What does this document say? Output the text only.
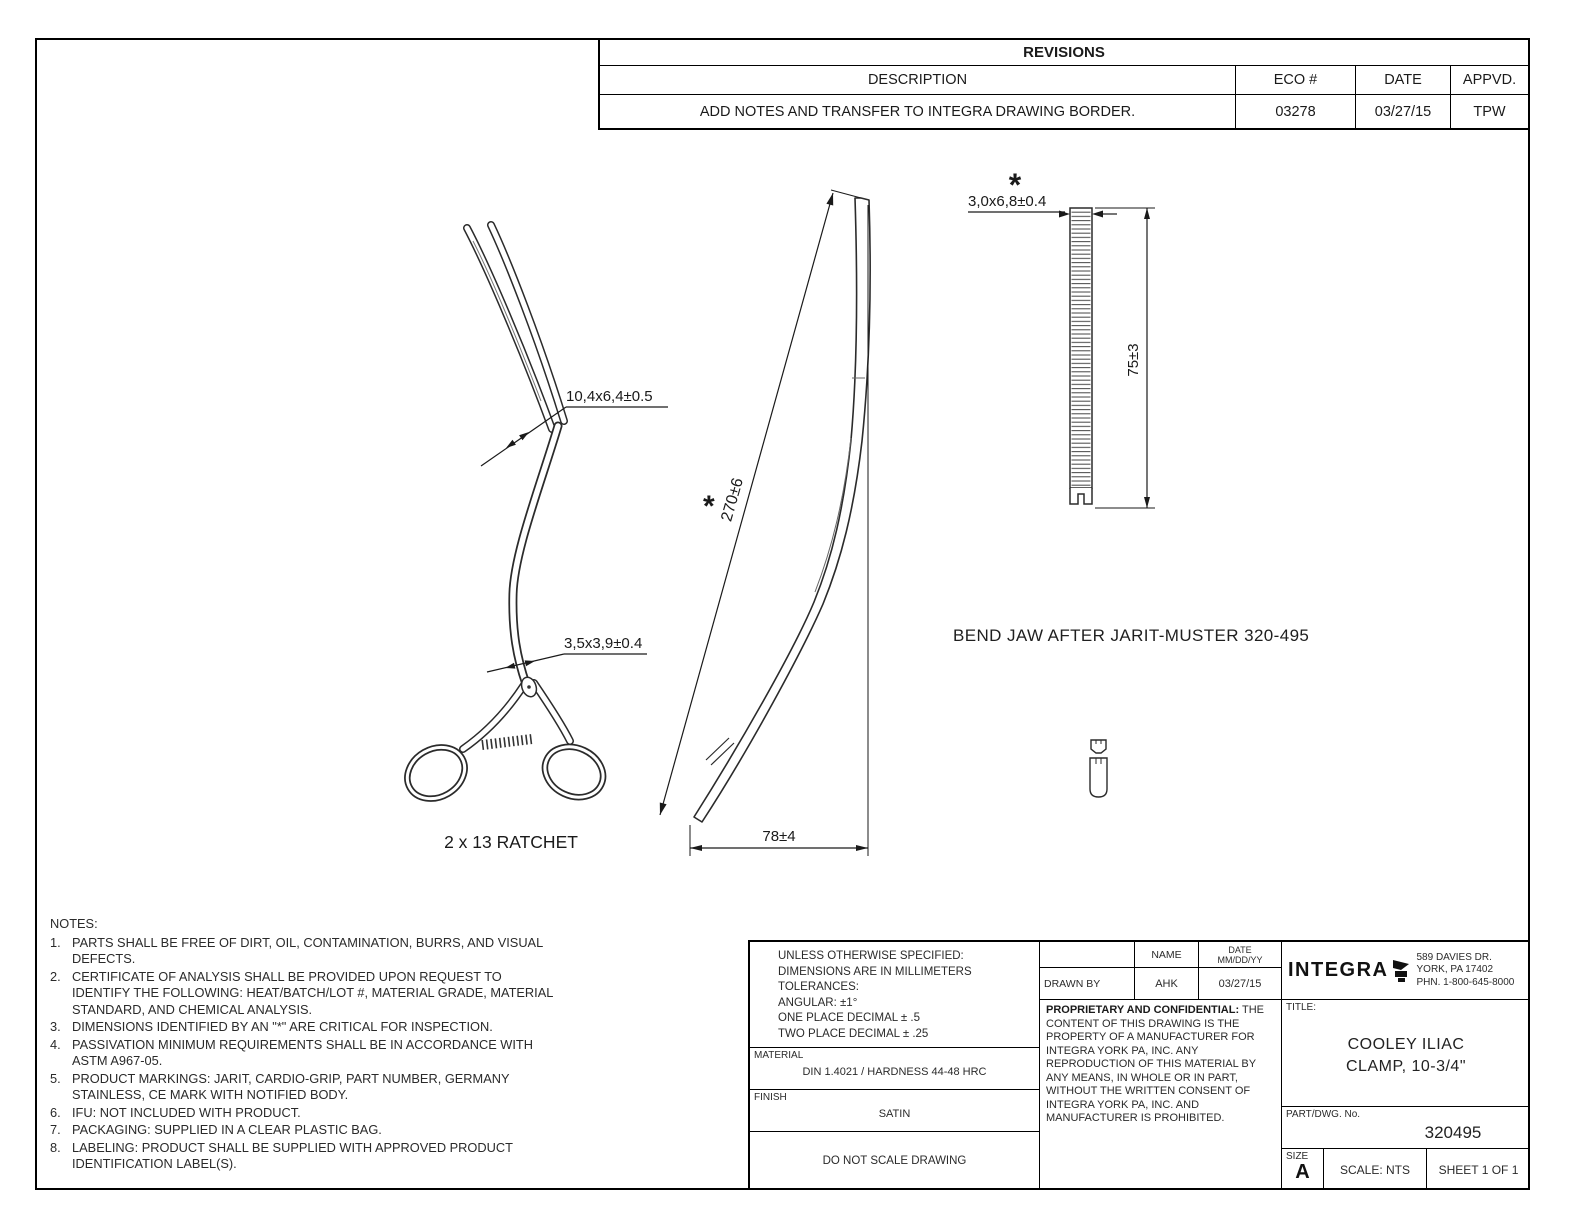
REVISIONS
DESCRIPTION	ECO #	DATE	APPVD.
ADD NOTES AND TRANSFER TO INTEGRA DRAWING BORDER.	03278	03/27/15	TPW
2 x 13 RATCHET
10,4x6,4±0.5
3,5x3,9±0.4
270±6
*
78±4
3,0x6,8±0.4
*
75±3
BEND JAW AFTER JARIT-MUSTER 320-495
NOTES:
1. PARTS SHALL BE FREE OF DIRT, OIL, CONTAMINATION, BURRS, AND VISUAL DEFECTS.
2. CERTIFICATE OF ANALYSIS SHALL BE PROVIDED UPON REQUEST TO IDENTIFY THE FOLLOWING: HEAT/BATCH/LOT #, MATERIAL GRADE, MATERIAL STANDARD, AND CHEMICAL ANALYSIS.
3. DIMENSIONS IDENTIFIED BY AN "*" ARE CRITICAL FOR INSPECTION.
4. PASSIVATION MINIMUM REQUIREMENTS SHALL BE IN ACCORDANCE WITH ASTM A967-05.
5. PRODUCT MARKINGS: JARIT, CARDIO-GRIP, PART NUMBER, GERMANY STAINLESS, CE MARK WITH NOTIFIED BODY.
6. IFU: NOT INCLUDED WITH PRODUCT.
7. PACKAGING: SUPPLIED IN A CLEAR PLASTIC BAG.
8. LABELING: PRODUCT SHALL BE SUPPLIED WITH APPROVED PRODUCT IDENTIFICATION LABEL(S).
UNLESS OTHERWISE SPECIFIED:
DIMENSIONS ARE IN MILLIMETERS
TOLERANCES:
ANGULAR: ±1°
ONE PLACE DECIMAL ± .5
TWO PLACE DECIMAL ± .25
MATERIAL
DIN 1.4021 / HARDNESS 44-48 HRC
FINISH
SATIN
DO NOT SCALE DRAWING
NAME	DATE
MM/DD/YY
DRAWN BY	AHK	03/27/15
PROPRIETARY AND CONFIDENTIAL: THE CONTENT OF THIS DRAWING IS THE PROPERTY OF A MANUFACTURER FOR INTEGRA YORK PA, INC. ANY REPRODUCTION OF THIS MATERIAL BY ANY MEANS, IN WHOLE OR IN PART, WITHOUT THE WRITTEN CONSENT OF INTEGRA YORK PA, INC. AND MANUFACTURER IS PROHIBITED.
INTEGRA
589 DAVIES DR.
YORK, PA 17402
PHN. 1-800-645-8000
TITLE:
COOLEY ILIAC
CLAMP, 10-3/4"
PART/DWG. No.
320495
SIZE
A	SCALE: NTS	SHEET 1 OF 1
